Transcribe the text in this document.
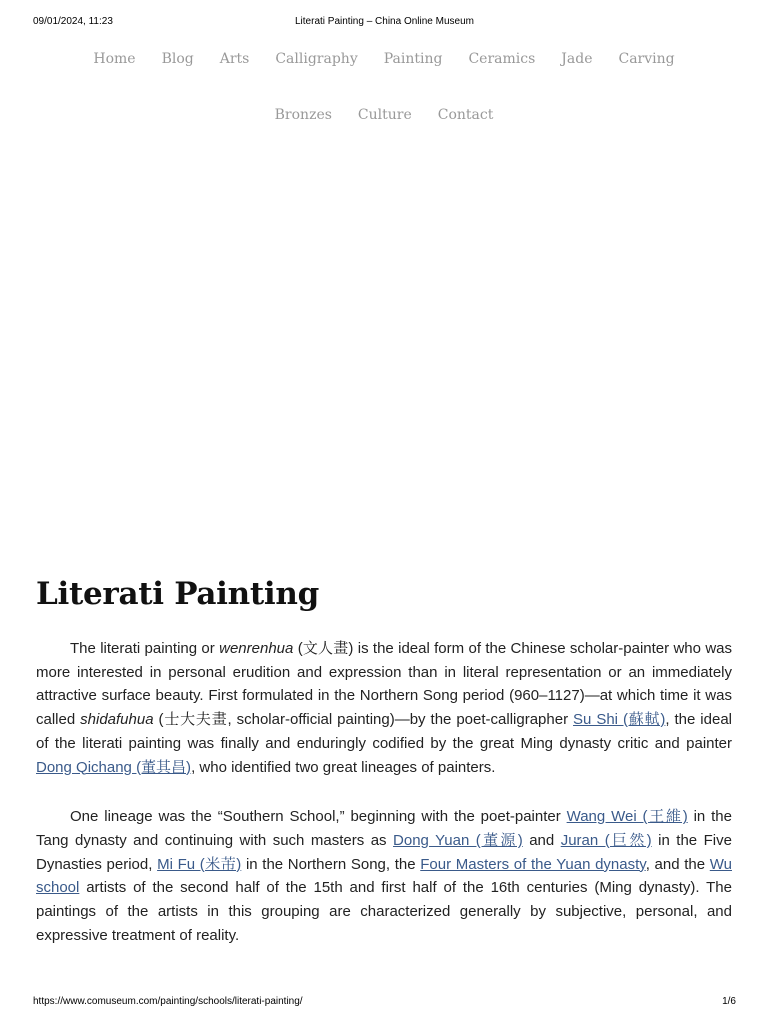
09/01/2024, 11:23	Literati Painting – China Online Museum
Home Blog Arts Calligraphy Painting Ceramics Jade Carving
Bronzes Culture Contact
Literati Painting

The literati painting or wenrenhua (文人畫) is the ideal form of the Chinese scholar-painter who was more interested in personal erudition and expression than in literal representation or an immediately attractive surface beauty. First formulated in the Northern Song period (960–1127)—at which time it was called shidafuhua (士大夫畫, scholar-official painting)—by the poet-calligrapher Su Shi (蘇軾), the ideal of the literati painting was finally and enduringly codified by the great Ming dynasty critic and painter Dong Qichang (董其昌), who identified two great lineages of painters.

One lineage was the “Southern School,” beginning with the poet-painter Wang Wei (王維) in the Tang dynasty and continuing with such masters as Dong Yuan (董源) and Juran (巨然) in the Five Dynasties period, Mi Fu (米芾) in the Northern Song, the Four Masters of the Yuan dynasty, and the Wu school artists of the second half of the 15th and first half of the 16th centuries (Ming dynasty). The paintings of the artists in this grouping are characterized generally by subjective, personal, and expressive treatment of reality.

https://www.comuseum.com/painting/schools/literati-painting/	1/6
